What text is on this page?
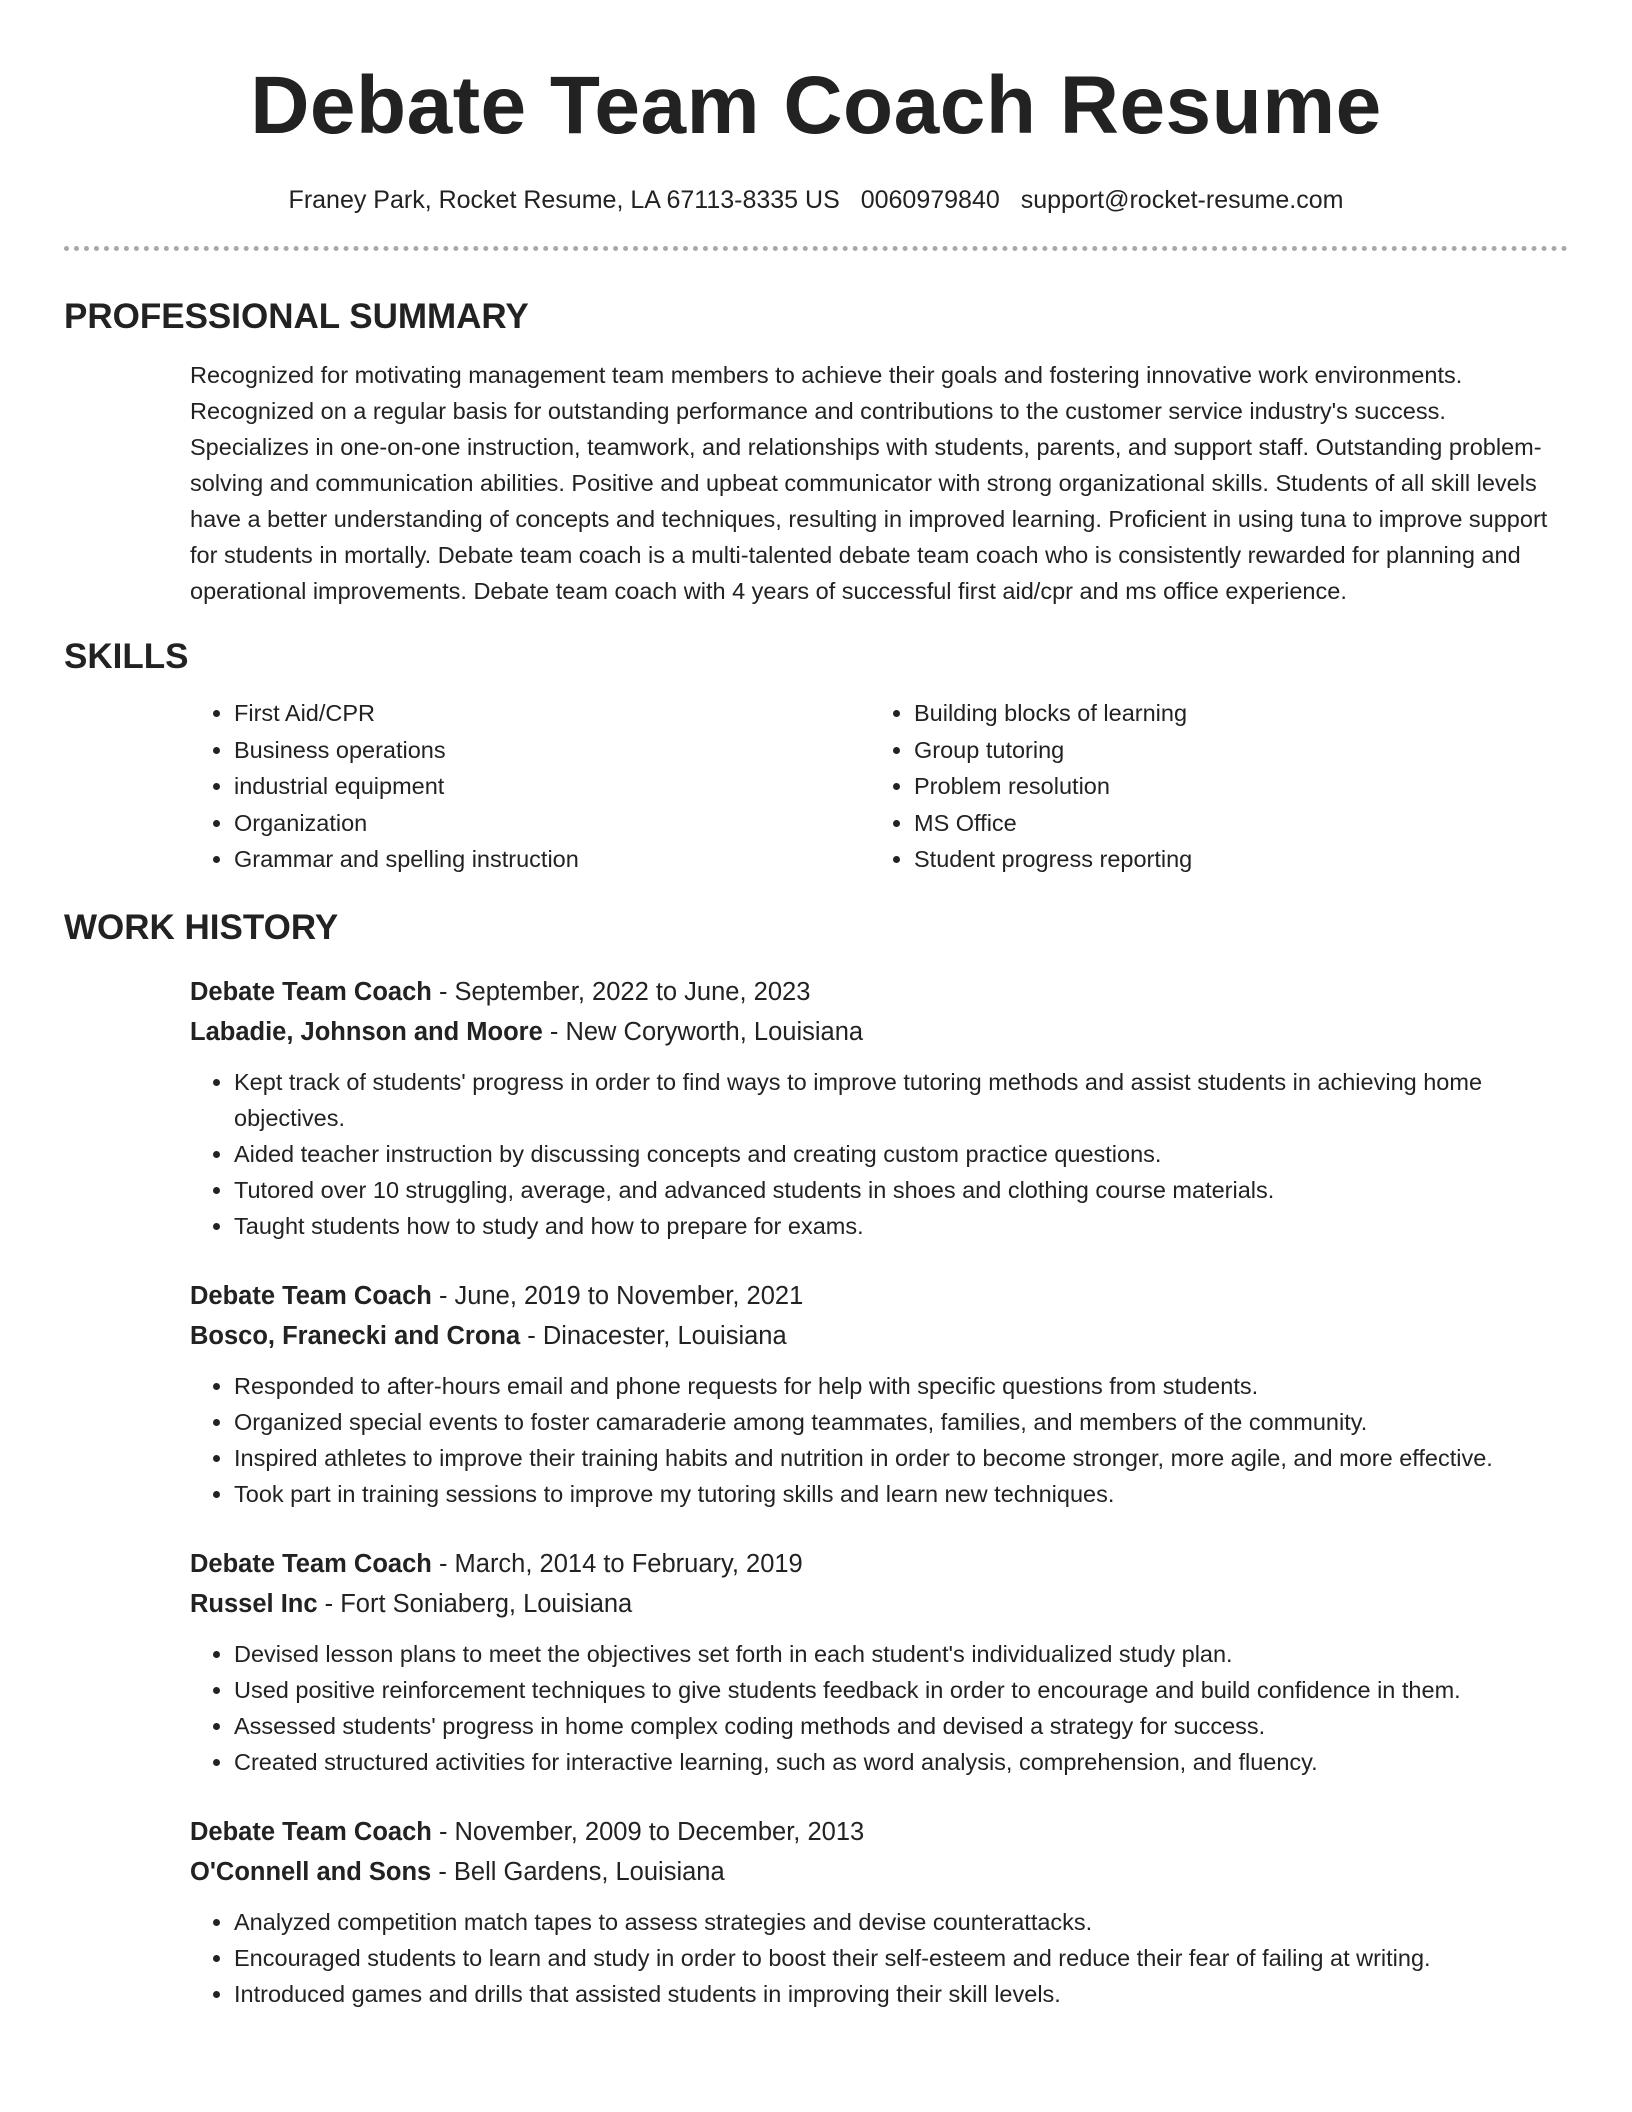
Debate Team Coach Resume
Franey Park, Rocket Resume, LA 67113-8335 US 0060979840 support@rocket-resume.com
PROFESSIONAL SUMMARY

Recognized for motivating management team members to achieve their goals and fostering innovative work environments. Recognized on a regular basis for outstanding performance and contributions to the customer service industry's success. Specializes in one-on-one instruction, teamwork, and relationships with students, parents, and support staff. Outstanding problem-solving and communication abilities. Positive and upbeat communicator with strong organizational skills. Students of all skill levels have a better understanding of concepts and techniques, resulting in improved learning. Proficient in using tuna to improve support for students in mortally. Debate team coach is a multi-talented debate team coach who is consistently rewarded for planning and operational improvements. Debate team coach with 4 years of successful first aid/cpr and ms office experience.

SKILLS
• First Aid/CPR
• Business operations
• industrial equipment
• Organization
• Grammar and spelling instruction
• Building blocks of learning
• Group tutoring
• Problem resolution
• MS Office
• Student progress reporting
WORK HISTORY
Debate Team Coach - September, 2022 to June, 2023
Labadie, Johnson and Moore - New Coryworth, Louisiana
• Kept track of students' progress in order to find ways to improve tutoring methods and assist students in achieving home objectives.
• Aided teacher instruction by discussing concepts and creating custom practice questions.
• Tutored over 10 struggling, average, and advanced students in shoes and clothing course materials.
• Taught students how to study and how to prepare for exams.
Debate Team Coach - June, 2019 to November, 2021
Bosco, Franecki and Crona - Dinacester, Louisiana
• Responded to after-hours email and phone requests for help with specific questions from students.
• Organized special events to foster camaraderie among teammates, families, and members of the community.
• Inspired athletes to improve their training habits and nutrition in order to become stronger, more agile, and more effective.
• Took part in training sessions to improve my tutoring skills and learn new techniques.
Debate Team Coach - March, 2014 to February, 2019
Russel Inc - Fort Soniaberg, Louisiana
• Devised lesson plans to meet the objectives set forth in each student's individualized study plan.
• Used positive reinforcement techniques to give students feedback in order to encourage and build confidence in them.
• Assessed students' progress in home complex coding methods and devised a strategy for success.
• Created structured activities for interactive learning, such as word analysis, comprehension, and fluency.
Debate Team Coach - November, 2009 to December, 2013
O'Connell and Sons - Bell Gardens, Louisiana
• Analyzed competition match tapes to assess strategies and devise counterattacks.
• Encouraged students to learn and study in order to boost their self-esteem and reduce their fear of failing at writing.
• Introduced games and drills that assisted students in improving their skill levels.
